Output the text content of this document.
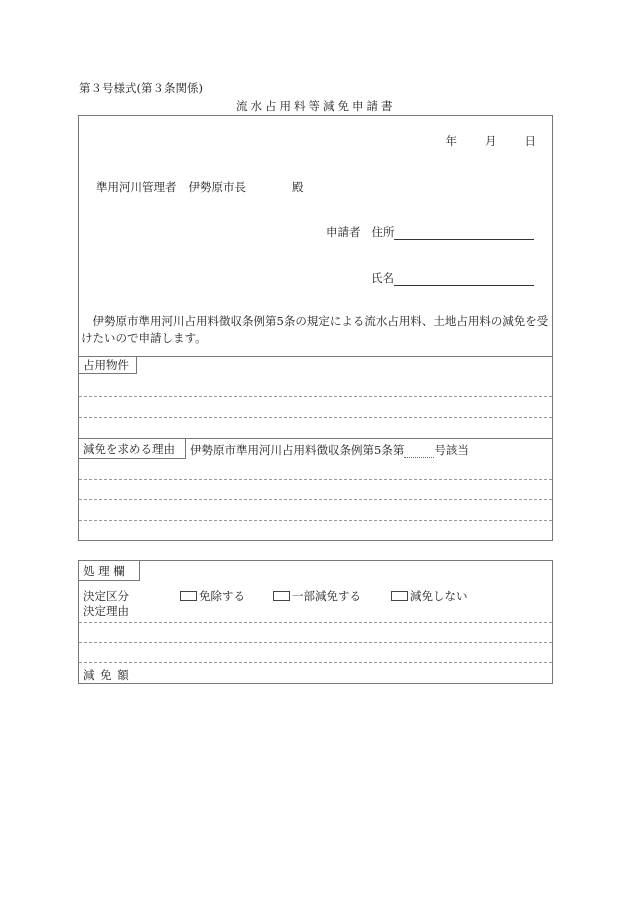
第３号様式(第３条関係)
流水占用料等減免申請書
年 月 日
準用河川管理者 伊勢原市長	殿
申請者 住所
氏名
伊勢原市準用河川占用料徴収条例第5条の規定による流水占用料、土地占用料の減免を受けたいので申請します。
占用物件
減免を求める理由	伊勢原市準用河川占用料徴収条例第5条第	号該当
処 理 欄
決定区分	免除する	一部減免する	減免しない
決定理由
減 免 額
